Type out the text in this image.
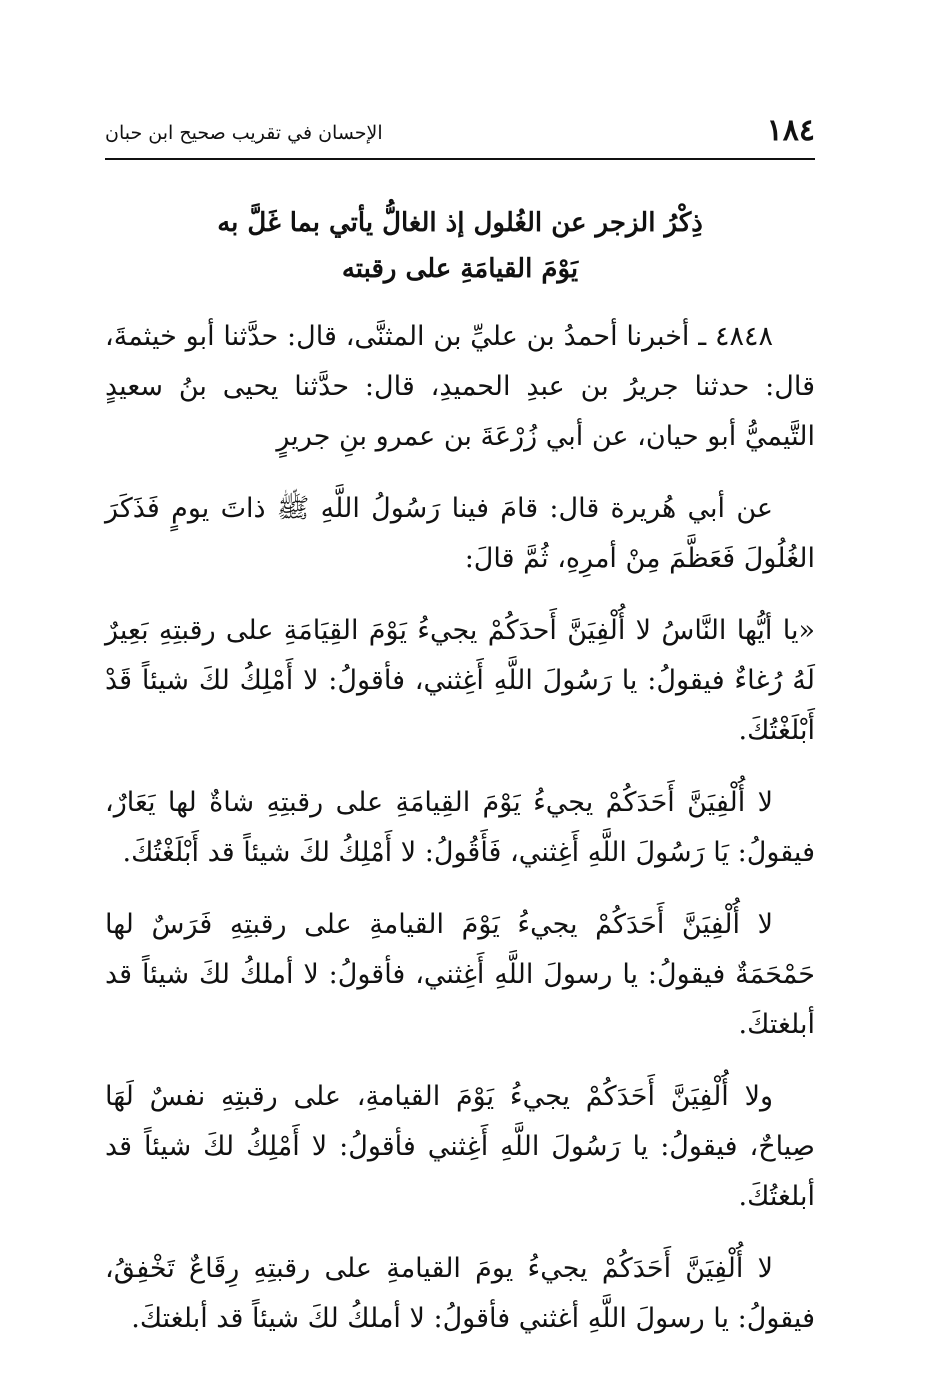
١٨٤
الإحسان في تقريب صحيح ابن حبان
ذِكْرُ الزجر عن الغُلول إذ الغالُّ يأتي بما غَلَّ به
يَوْمَ القيامَةِ على رقبته

٤٨٤٨ ـ أخبرنا أحمدُ بن عليِّ بن المثنَّى، قال: حدَّثنا أبو خيثمةَ، قال: حدثنا جريرُ بن عبدِ الحميدِ، قال: حدَّثنا يحيى بنُ سعيدٍ التَّيميُّ أبو حيان، عن أبي زُرْعَةَ بن عمرو بنِ جريرٍ

عن أبي هُريرة قال: قامَ فينا رَسُولُ اللَّهِ ﷺ ذاتَ يومٍ فَذَكَرَ الغُلُولَ فَعَظَّمَ مِنْ أمرِهِ، ثُمَّ قالَ:

«يا أيُّها النَّاسُ لا أُلْفِيَنَّ أَحدَكُمْ يجيءُ يَوْمَ القِيَامَةِ على رقبتِهِ بَعِيرٌ لَهُ رُغاءٌ فيقولُ: يا رَسُولَ اللَّهِ أَغِثني، فأقولُ: لا أَمْلِكُ لكَ شيئاً قَدْ أَبْلَغْتُكَ.

لا أُلْفِيَنَّ أَحَدَكُمْ يجيءُ يَوْمَ القِيامَةِ على رقبتِهِ شاةٌ لها يَعَارٌ، فيقولُ: يَا رَسُولَ اللَّهِ أَغِثني، فَأَقُولُ: لا أَمْلِكُ لكَ شيئاً قد أَبْلَغْتُكَ.

لا أُلْفِيَنَّ أَحَدَكُمْ يجيءُ يَوْمَ القيامةِ على رقبتِهِ فَرَسٌ لها حَمْحَمَةٌ فيقولُ: يا رسولَ اللَّهِ أَغِثني، فأقولُ: لا أملكُ لكَ شيئاً قد أبلغتكَ.

ولا أُلْفِيَنَّ أَحَدَكُمْ يجيءُ يَوْمَ القيامةِ، على رقبتِهِ نفسٌ لَهَا صِياحٌ، فيقولُ: يا رَسُولَ اللَّهِ أَغِثني فأقولُ: لا أَمْلِكُ لكَ شيئاً قد أبلغتُكَ.

لا أُلْفِيَنَّ أَحَدَكُمْ يجيءُ يومَ القيامةِ على رقبتِهِ رِقَاعٌ تَخْفِقُ، فيقولُ: يا رسولَ اللَّهِ أغثني فأقولُ: لا أملكُ لكَ شيئاً قد أبلغتكَ.
